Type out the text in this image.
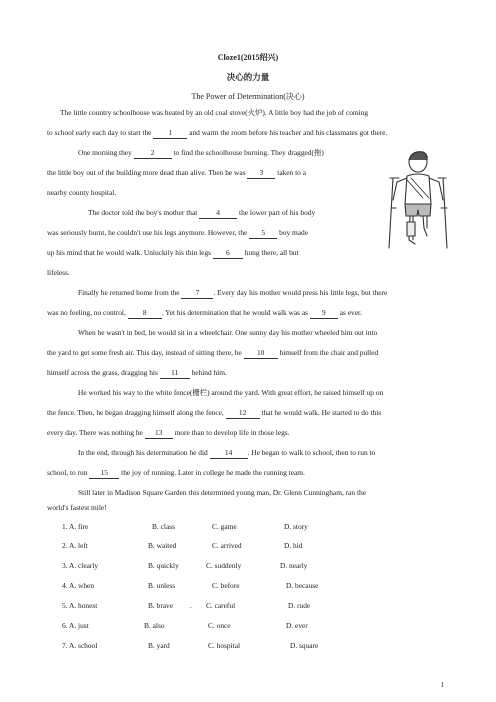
Cloze1(2015绍兴)
决心的力量
The Power of Determination(决心)
The little country schoolhouse was heated by an old coal stove(火炉). A little boy had the job of coming
to school early each day to start the 1 and warm the room before his teacher and his classmates got there.
One morning they	2	to find the schoolhouse burning. They dragged(拖)
the little boy out of the building more dead than alive. Then he was 3 taken to a
nearby county hospital.
The doctor told the boy's mother that	4	the lower part of his body
was seriously burnt, he couldn't use his legs anymore. However, the 5 boy made
up his mind that he would walk. Unluckily his thin legs 6 hung there, all but
lifeless.
Finally he returned home from the 7 . Every day his mother would press his little legs, but there
was no feeling, no control, 8 . Yet his determination that he would walk was as 9 as ever.
When he wasn't in bed, he would sit in a wheelchair. One sunny day his mother wheeled him out into
the yard to get some fresh air. This day, instead of sitting there, he 10 himself from the chair and pulled
himself across the grass, dragging his 11 behind him.
He worked his way to the white fence(栅栏) around the yard. With great effort, he raised himself up on
the fence. Then, he began dragging himself along the fence, 12 that he would walk. He started to do this
every day. There was nothing he 13 more than to develop life in those legs.
In the end, through his determination he did 14 . He began to walk to school, then to run to
school, to run 15 the joy of running. Later in college he made the running team.
Still later in Madison Square Garden this determined young man, Dr. Glenn Cunningham, ran the
world's fastest mile!
1. A. fire	B. class	C. game	D. story
2. A. left	B. waited	C. arrived	D. hid
3. A. clearly	B. quickly	C. suddenly	D. nearly
4. A. when	B. unless	C. before	D. because
5. A. honest	B. brave . C. careful	D. rude
6. A. just	B. also	C. once	D. ever
7. A. school	B. yard	C. hospital	D. square
1
